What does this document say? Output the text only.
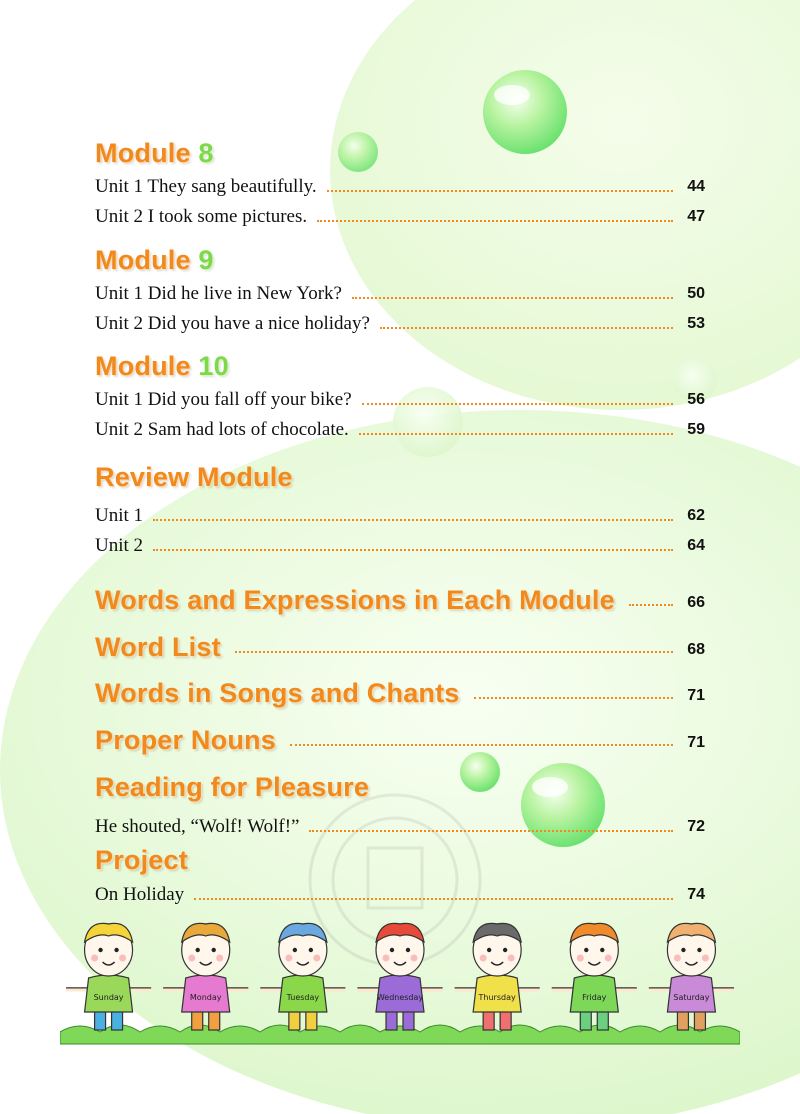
Module 8
Unit 1 They sang beautifully.	44
Unit 2 I took some pictures.	47
Module 9
Unit 1 Did he live in New York?	50
Unit 2 Did you have a nice holiday?	53
Module 10
Unit 1 Did you fall off your bike?	56
Unit 2 Sam had lots of chocolate.	59
Review Module
Unit 1	62
Unit 2	64
Words and Expressions in Each Module	66
Word List	68
Words in Songs and Chants	71
Proper Nouns	71
Reading for Pleasure
He shouted, “Wolf! Wolf!”	72
Project
On Holiday	74
Sunday	Monday	Tuesday	Wednesday	Thursday	Friday	Saturday
